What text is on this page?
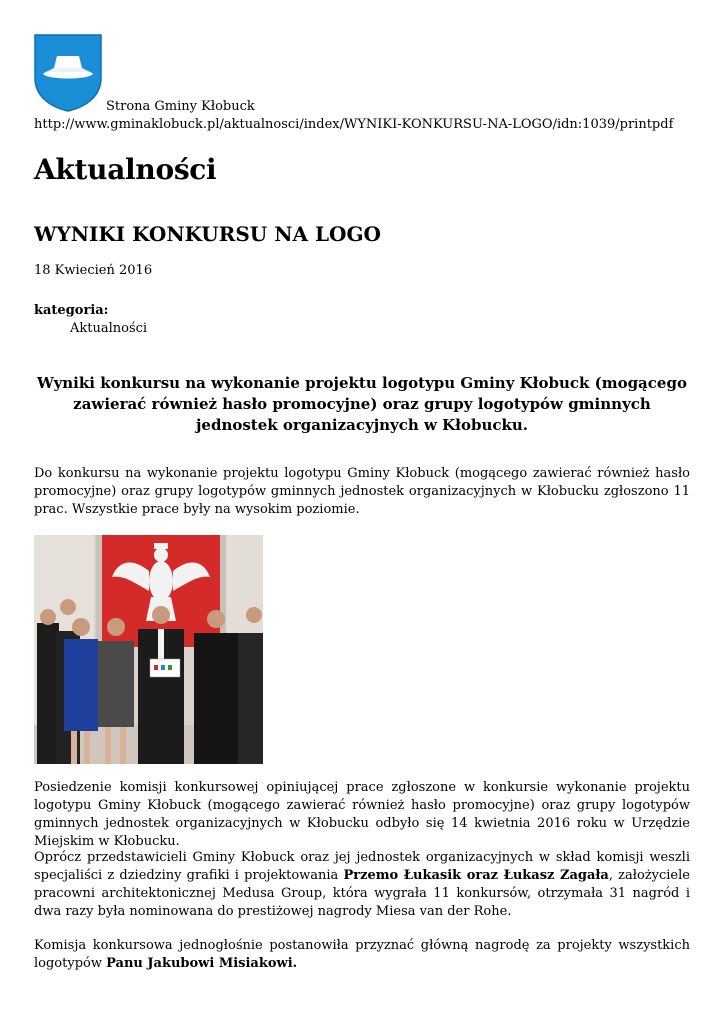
Strona Gminy Kłobuck
http://www.gminaklobuck.pl/aktualnosci/index/WYNIKI-KONKURSU-NA-LOGO/idn:1039/printpdf
Aktualności
WYNIKI KONKURSU NA LOGO
18 Kwiecień 2016
kategoria:
Aktualności

Wyniki konkursu na wykonanie projektu logotypu Gminy Kłobuck (mogącego zawierać również hasło promocyjne) oraz grupy logotypów gminnych jednostek organizacyjnych w Kłobucku.

Do konkursu na wykonanie projektu logotypu Gminy Kłobuck (mogącego zawierać również hasło promocyjne) oraz grupy logotypów gminnych jednostek organizacyjnych w Kłobucku zgłoszono 11 prac. Wszystkie prace były na wysokim poziomie.

Posiedzenie komisji konkursowej opiniującej prace zgłoszone w konkursie wykonanie projektu logotypu Gminy Kłobuck (mogącego zawierać również hasło promocyjne) oraz grupy logotypów gminnych jednostek organizacyjnych w Kłobucku odbyło się 14 kwietnia 2016 roku w Urzędzie Miejskim w Kłobucku.

Oprócz przedstawicieli Gminy Kłobuck oraz jej jednostek organizacyjnych w skład komisji weszli specjaliści z dziedziny grafiki i projektowania Przemo Łukasik oraz Łukasz Zagała, założyciele pracowni architektonicznej Medusa Group, która wygrała 11 konkursów, otrzymała 31 nagród i dwa razy była nominowana do prestiżowej nagrody Miesa van der Rohe.

Komisja konkursowa jednogłośnie postanowiła przyznać główną nagrodę za projekty wszystkich logotypów Panu Jakubowi Misiakowi.
